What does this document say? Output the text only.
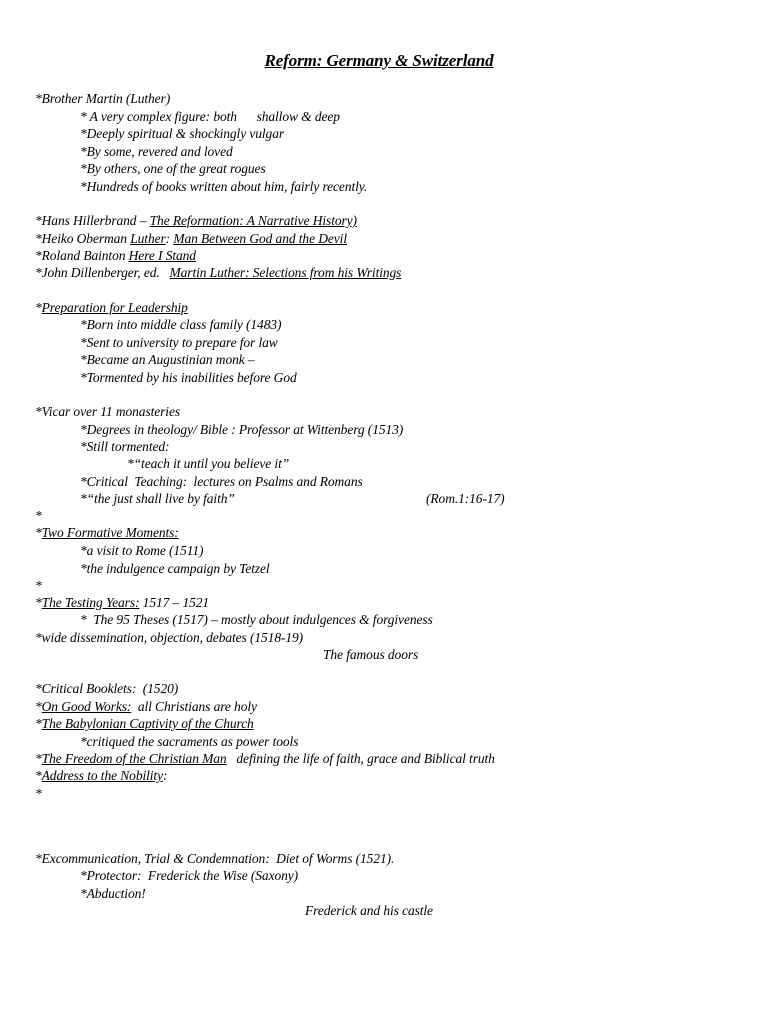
Reform: Germany & Switzerland
*Brother Martin (Luther)
* A very complex figure: both      shallow & deep
*Deeply spiritual & shockingly vulgar
*By some, revered and loved
*By others, one of the great rogues
*Hundreds of books written about him, fairly recently.
*Hans Hillerbrand – The Reformation: A Narrative History)
*Heiko Oberman Luther: Man Between God and the Devil
*Roland Bainton Here I Stand
*John Dillenberger, ed.   Martin Luther: Selections from his Writings
*Preparation for Leadership
*Born into middle class family (1483)
*Sent to university to prepare for law
*Became an Augustinian monk –
*Tormented by his inabilities before God
*Vicar over 11 monasteries
*Degrees in theology/ Bible : Professor at Wittenberg (1513)
*Still tormented:
*“teach it until you believe it”
*Critical  Teaching:  lectures on Psalms and Romans
*“the just shall live by faith”	(Rom.1:16-17)
*
*Two Formative Moments:
*a visit to Rome (1511)
*the indulgence campaign by Tetzel
*
*The Testing Years: 1517 – 1521
*  The 95 Theses (1517) – mostly about indulgences & forgiveness
*wide dissemination, objection, debates (1518-19)
The famous doors
*Critical Booklets:  (1520)
*On Good Works:  all Christians are holy
*The Babylonian Captivity of the Church
*critiqued the sacraments as power tools
*The Freedom of the Christian Man   defining the life of faith, grace and Biblical truth
*Address to the Nobility:
*
*Excommunication, Trial & Condemnation:  Diet of Worms (1521).
*Protector:  Frederick the Wise (Saxony)
*Abduction!
Frederick and his castle
